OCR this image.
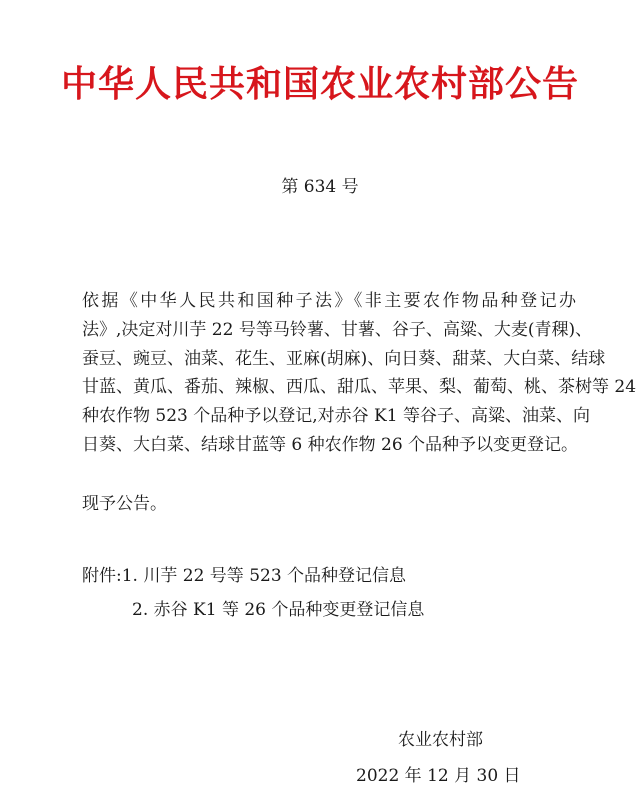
中华人民共和国农业农村部公告
第 634 号
依据《中华人民共和国种子法》《非主要农作物品种登记办
法》,决定对川芋 22 号等马铃薯、甘薯、谷子、高粱、大麦(青稞)、
蚕豆、豌豆、油菜、花生、亚麻(胡麻)、向日葵、甜菜、大白菜、结球
甘蓝、黄瓜、番茄、辣椒、西瓜、甜瓜、苹果、梨、葡萄、桃、茶树等 24
种农作物 523 个品种予以登记,对赤谷 K1 等谷子、高粱、油菜、向
日葵、大白菜、结球甘蓝等 6 种农作物 26 个品种予以变更登记。
现予公告。
附件:1. 川芋 22 号等 523 个品种登记信息
2. 赤谷 K1 等 26 个品种变更登记信息
农业农村部
2022 年 12 月 30 日
